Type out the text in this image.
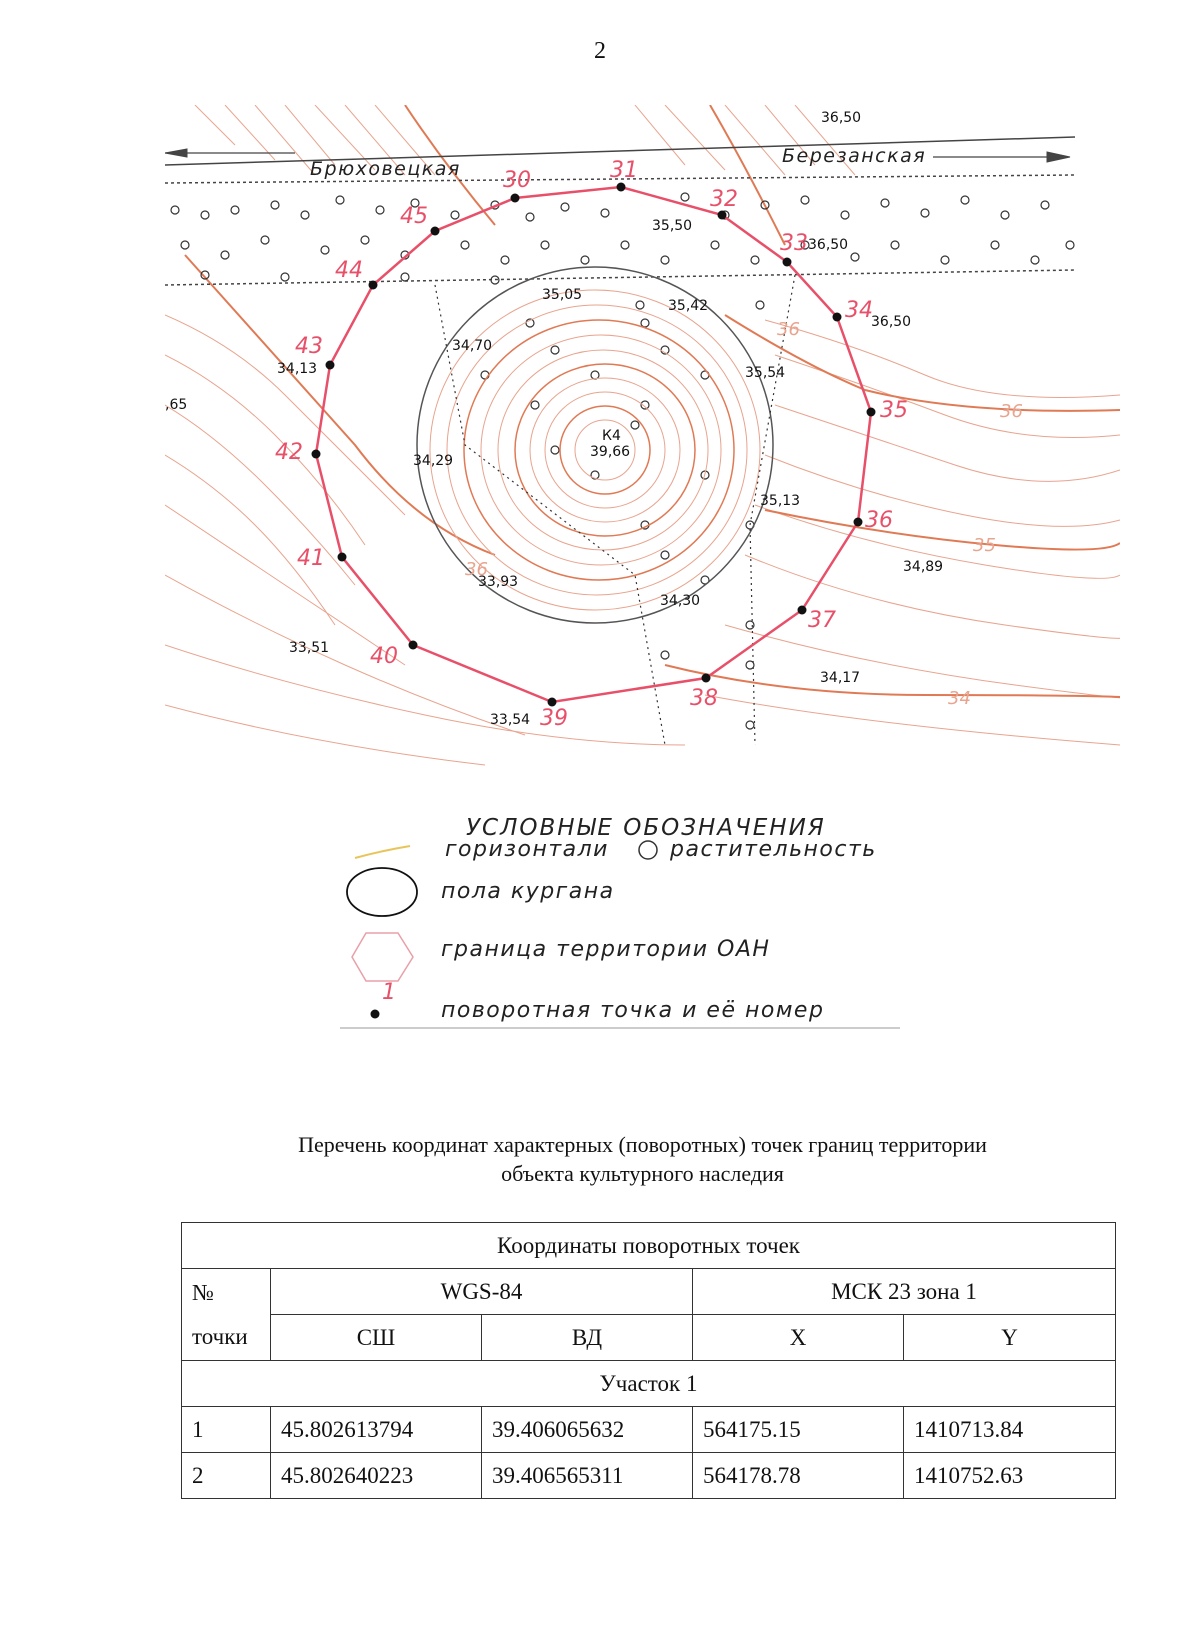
2
Брюховецкая
Березанская
30	31
32
33
34
35
36
37
38
39
40
41
42
43
44
45
36,50
35,50
36,50
35,05
35,42
36,50
34,70
34,13	35,54
,65
39,66
34,29
35,13
34,89
33,93
34,30
33,51
34,17
33,54
К4
36
36
35
34
36
1
УСЛОВНЫЕ ОБОЗНАЧЕНИЯ
горизонтали	растительность
пола кургана
граница территории ОАН
поворотная точка и её номер
Перечень координат характерных (поворотных) точек границ территории
объекта культурного наследия
Координаты поворотных точек				

№
точки	WGS-84		МСК 23 зона 1	
	СШ	ВД	X	Y
Участок 1				
1	45.802613794	39.406065632	564175.15	1410713.84
2	45.802640223	39.406565311	564178.78	1410752.63
